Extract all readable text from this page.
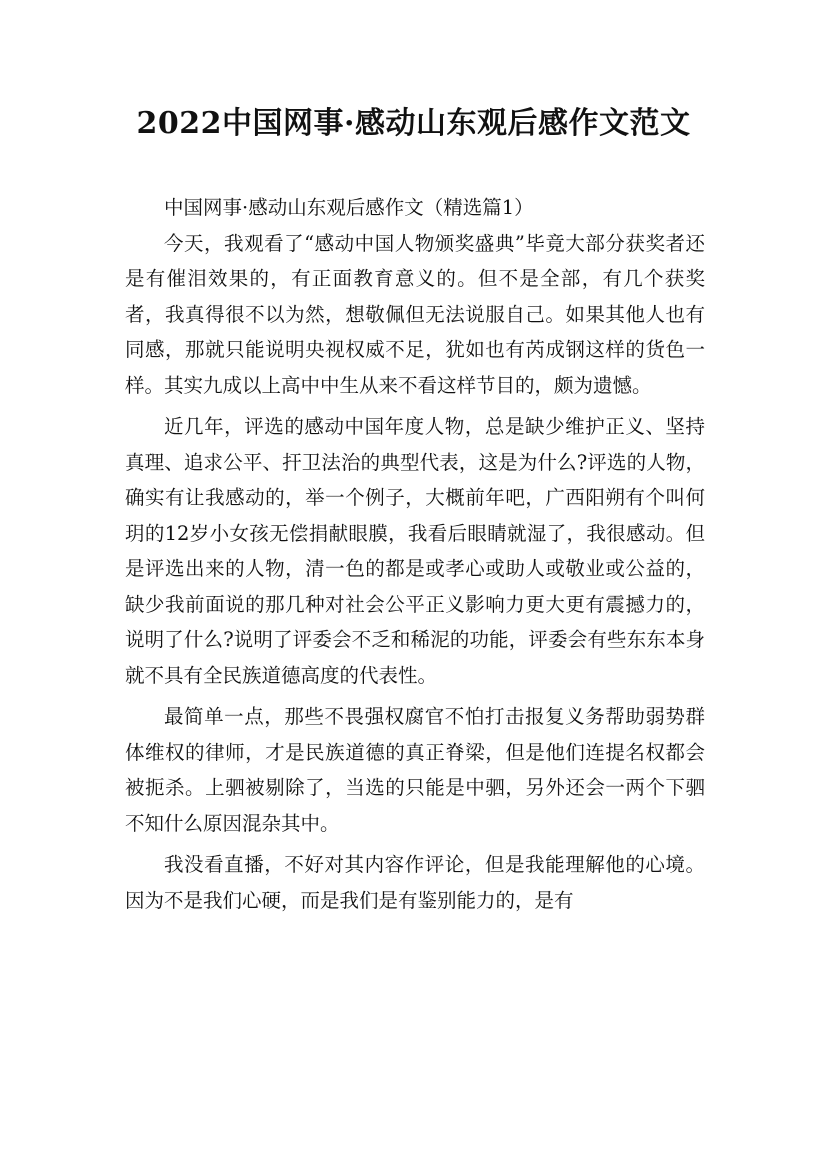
2022中国网事·感动山东观后感作文范文

中国网事·感动山东观后感作文（精选篇1）

今天，我观看了“感动中国人物颁奖盛典”毕竟大部分获奖者还是有催泪效果的，有正面教育意义的。但不是全部，有几个获奖者，我真得很不以为然，想敬佩但无法说服自己。如果其他人也有同感，那就只能说明央视权威不足，犹如也有芮成钢这样的货色一样。其实九成以上高中中生从来不看这样节目的，颇为遗憾。

近几年，评选的感动中国年度人物，总是缺少维护正义、坚持真理、追求公平、扞卫法治的典型代表，这是为什么?评选的人物，确实有让我感动的，举一个例子，大概前年吧，广西阳朔有个叫何玥的12岁小女孩无偿捐献眼膜，我看后眼睛就湿了，我很感动。但是评选出来的人物，清一色的都是或孝心或助人或敬业或公益的，缺少我前面说的那几种对社会公平正义影响力更大更有震撼力的，说明了什么?说明了评委会不乏和稀泥的功能，评委会有些东东本身就不具有全民族道德高度的代表性。

最简单一点，那些不畏强权腐官不怕打击报复义务帮助弱势群体维权的律师，才是民族道德的真正脊梁，但是他们连提名权都会被扼杀。上驷被剔除了，当选的只能是中驷，另外还会一两个下驷不知什么原因混杂其中。

我没看直播，不好对其内容作评论，但是我能理解他的心境。因为不是我们心硬，而是我们是有鉴别能力的，是有
